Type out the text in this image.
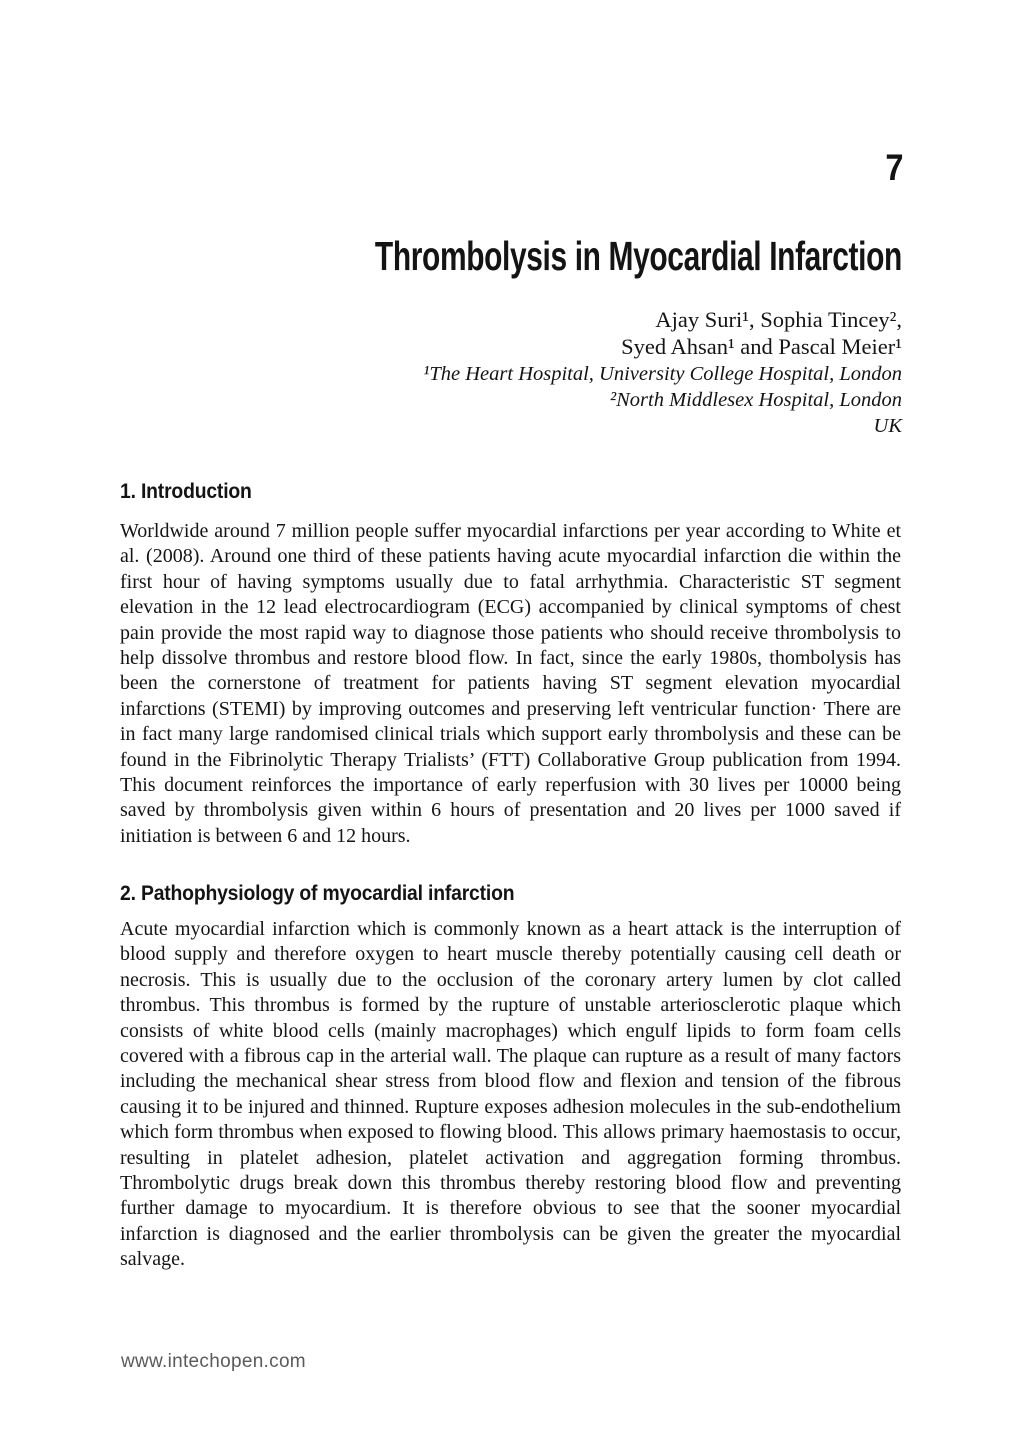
7
Thrombolysis in Myocardial Infarction
Ajay Suri¹, Sophia Tincey²,
Syed Ahsan¹ and Pascal Meier¹
¹The Heart Hospital, University College Hospital, London
²North Middlesex Hospital, London
UK
1. Introduction

Worldwide around 7 million people suffer myocardial infarctions per year according to White et al. (2008). Around one third of these patients having acute myocardial infarction die within the first hour of having symptoms usually due to fatal arrhythmia. Characteristic ST segment elevation in the 12 lead electrocardiogram (ECG) accompanied by clinical symptoms of chest pain provide the most rapid way to diagnose those patients who should receive thrombolysis to help dissolve thrombus and restore blood flow. In fact, since the early 1980s, thombolysis has been the cornerstone of treatment for patients having ST segment elevation myocardial infarctions (STEMI) by improving outcomes and preserving left ventricular function· There are in fact many large randomised clinical trials which support early thrombolysis and these can be found in the Fibrinolytic Therapy Trialists’ (FTT) Collaborative Group publication from 1994. This document reinforces the importance of early reperfusion with 30 lives per 10000 being saved by thrombolysis given within 6 hours of presentation and 20 lives per 1000 saved if initiation is between 6 and 12 hours.

2. Pathophysiology of myocardial infarction

Acute myocardial infarction which is commonly known as a heart attack is the interruption of blood supply and therefore oxygen to heart muscle thereby potentially causing cell death or necrosis. This is usually due to the occlusion of the coronary artery lumen by clot called thrombus. This thrombus is formed by the rupture of unstable arteriosclerotic plaque which consists of white blood cells (mainly macrophages) which engulf lipids to form foam cells covered with a fibrous cap in the arterial wall. The plaque can rupture as a result of many factors including the mechanical shear stress from blood flow and flexion and tension of the fibrous causing it to be injured and thinned. Rupture exposes adhesion molecules in the sub-endothelium which form thrombus when exposed to flowing blood. This allows primary haemostasis to occur, resulting in platelet adhesion, platelet activation and aggregation forming thrombus. Thrombolytic drugs break down this thrombus thereby restoring blood flow and preventing further damage to myocardium. It is therefore obvious to see that the sooner myocardial infarction is diagnosed and the earlier thrombolysis can be given the greater the myocardial salvage.

www.intechopen.com
